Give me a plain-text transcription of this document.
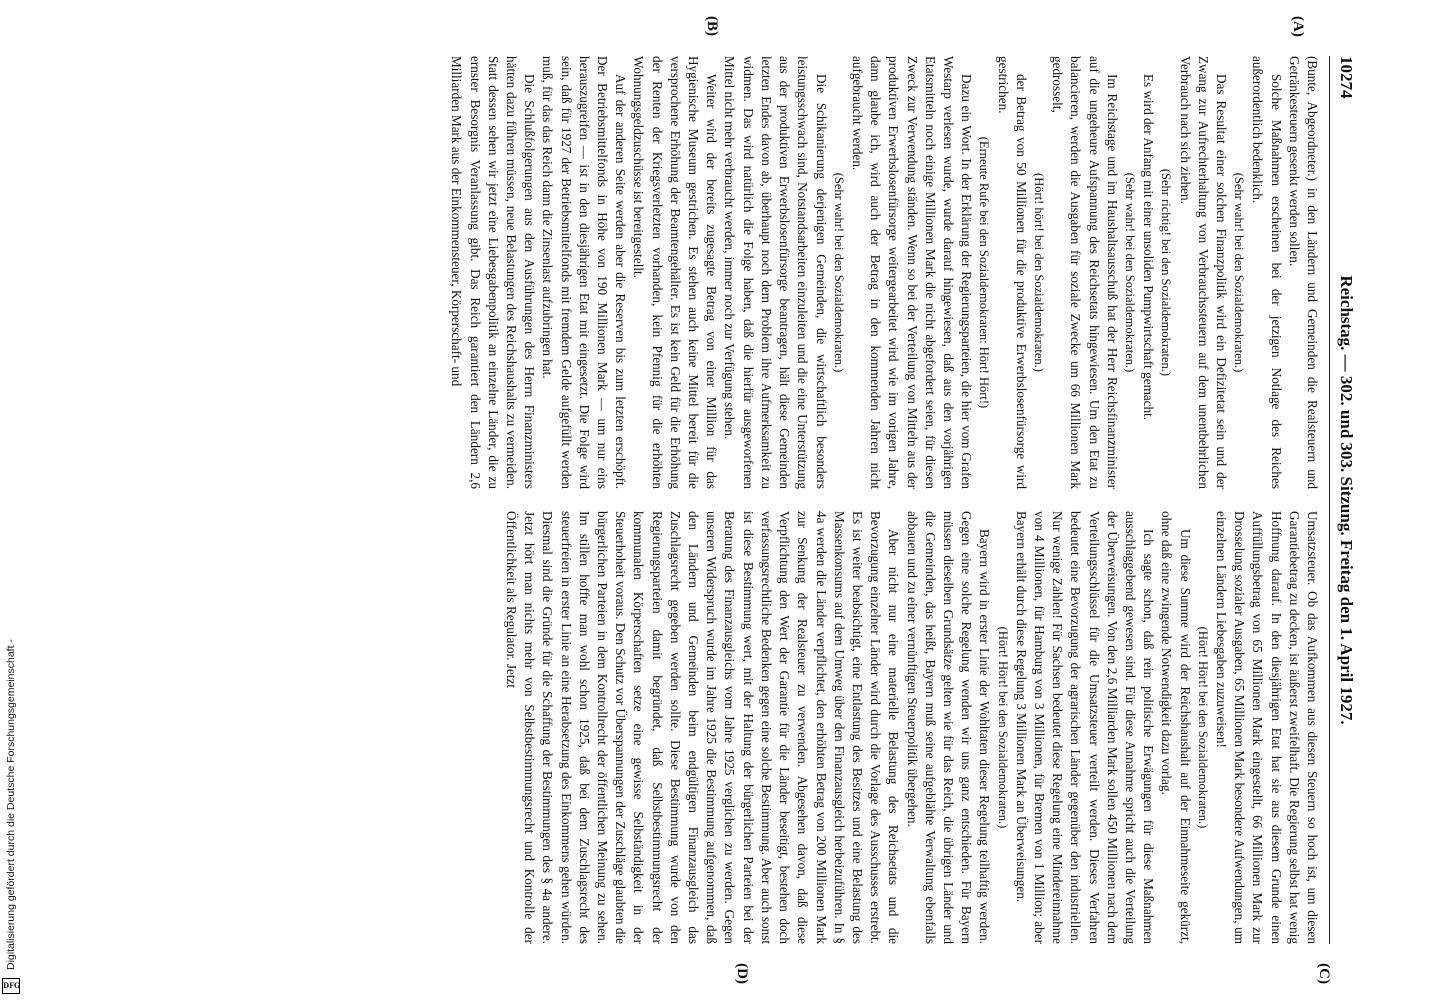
10274
Reichstag. — 302. und 303. Sitzung. Freitag den 1. April 1927.
(A)
(B)

(Bunte, Abgeordneter.) in den Ländern und Gemeinden die Realsteuern und Getränkesteuern gesenkt werden sollen.

Solche Maßnahmen erscheinen bei der jetzigen Notlage des Reiches außerordentlich bedenklich.

(Sehr wahr! bei den Sozialdemokraten.)

Das Resultat einer solchen Finanzpolitik wird ein Defizitetat sein und der Zwang zur Aufrechterhaltung von Verbrauchssteuern auf dem unentbehrlichen Verbrauch nach sich ziehen.

(Sehr richtig! bei den Sozialdemokraten.)

Es wird der Anfang mit einer unsoliden Pumpwirtschaft gemacht.

(Sehr wahr! bei den Sozialdemokraten.)

Im Reichstage und im Haushaltsausschuß hat der Herr Reichsfinanzminister auf die ungeheure Aufspannung des Reichsetats hingewiesen. Um den Etat zu balancieren, werden die Ausgaben für soziale Zwecke um 66 Millionen Mark gedrosselt,

(Hört! hört! bei den Sozialdemokraten.)

der Betrag von 50 Millionen für die produktive Erwerbslosenfürsorge wird gestrichen.

(Erneute Rufe bei den Sozialdemokraten: Hört! Hört!)

Dazu ein Wort. In der Erklärung der Regierungsparteien, die hier vom Grafen Westarp verlesen wurde, wurde darauf hingewiesen, daß aus den vorjährigen Etatsmitteln noch einige Millionen Mark die nicht abgefordert seien, für diesen Zweck zur Verwendung ständen. Wenn so bei der Verteilung von Mitteln aus der produktiven Erwerbslosenfürsorge weitergearbeitet wird wie im vorigen Jahre, dann glaube ich, wird auch der Betrag in den kommenden Jahren nicht aufgebraucht werden.

(Sehr wahr! bei den Sozialdemokraten.)

Die Schikanierung derjenigen Gemeinden, die wirtschaftlich besonders leistungsschwach sind, Notstandsarbeiten einzuleiten und die eine Unterstützung aus der produktiven Erwerbslosenfürsorge beantragen, hält diese Gemeinden letzten Endes davon ab, überhaupt noch dem Problem ihre Aufmerksamkeit zu widmen. Das wird natürlich die Folge haben, daß die hierfür ausgeworfenen Mittel nicht mehr verbraucht werden, immer noch zur Verfügung stehen.

Weiter wird der bereits zugesagte Betrag von einer Million für das Hygienische Museum gestrichen. Es stehen auch keine Mittel bereit für die versprochene Erhöhung der Beamtengehälter. Es ist kein Geld für die Erhöhung der Renten der Kriegsverletzten vorhanden, kein Pfennig für die erhöhten Wohnungsgeldzuschüsse ist bereitgestellt.

Auf der anderen Seite werden aber die Reserven bis zum letzten erschöpft. Der Betriebsmittelfonds in Höhe von 190 Millionen Mark — um nur eins herauszugreifen — ist in den diesjährigen Etat mit eingesetzt. Die Folge wird sein, daß für 1927 der Betriebsmittelfonds mit fremdem Gelde aufgefüllt werden muß, für das das Reich dann die Zinsenlast aufzubringen hat.

Die Schlußfolgerungen aus den Ausführungen des Herrn Finanzministers hätten dazu führen müssen, neue Belastungen des Reichshaushalts zu vermeiden. Statt dessen sehen wir jetzt eine Liebesgabenpolitik an einzelne Länder, die zu ernster Besorgnis Veranlassung gibt. Das Reich garantiert den Ländern 2,6 Milliarden Mark aus der Einkommensteuer, Körperschaft- und

Umsatzsteuer. Ob das Aufkommen aus diesen Steuern so hoch ist, um diesen Garantiebetrag zu decken, ist äußerst zweifelhaft. Die Regierung selbst hat wenig Hoffnung darauf. In den diesjährigen Etat hat sie aus diesem Grunde einen Auffüllungsbetrag von 65 Millionen Mark eingestellt, 66 Millionen Mark zur Drosselung sozialer Ausgaben, 65 Millionen Mark besondere Aufwendungen, um einzelnen Ländern Liebesgaben zuzuweisen!

(Hört! Hört! bei den Sozialdemokraten.)

Um diese Summe wird der Reichshaushalt auf der Einnahmeseite gekürzt, ohne daß eine zwingende Notwendigkeit dazu vorlag.

Ich sagte schon, daß rein politische Erwägungen für diese Maßnahmen ausschlaggebend gewesen sind. Für diese Annahme spricht auch die Verteilung der Überweisungen. Von den 2,6 Milliarden Mark sollen 450 Millionen nach dem Verteilungsschlüssel für die Umsatzsteuer verteilt werden. Dieses Verfahren bedeutet eine Bevorzugung der agrarischen Länder gegenüber den industriellen. Nur wenige Zahlen! Für Sachsen bedeutet diese Regelung eine Mindereinnahme von 4 Millionen, für Hamburg von 3 Millionen, für Bremen von 1 Million; aber Bayern erhält durch diese Regelung 3 Millionen Mark an Überweisungen.

(Hört! Hört! bei den Sozialdemokraten.)

Bayern wird in erster Linie der Wohltaten dieser Regelung teilhaftig werden. Gegen eine solche Regelung wenden wir uns ganz entschieden. Für Bayern müssen dieselben Grundsätze gelten wie für das Reich, die übrigen Länder und die Gemeinden, das heißt, Bayern muß seine aufgeblähte Verwaltung ebenfalls abbauen und zu einer vernünftigen Steuerpolitik übergehen.

Aber nicht nur eine materielle Belastung des Reichsetats und die Bevorzugung einzelner Länder wird durch die Vorlage des Ausschusses erstrebt. Es ist weiter beabsichtigt, eine Entlastung des Besitzes und eine Belastung des Massenkonsums auf dem Umweg über den Finanzausgleich herbeizuführen. In § 4a werden die Länder verpflichtet, den erhöhten Betrag von 200 Millionen Mark zur Senkung der Realsteuer zu verwenden. Abgesehen davon, daß diese Verpflichtung den Wert der Garantie für die Länder beseitigt, bestehen doch verfassungsrechtliche Bedenken gegen eine solche Bestimmung. Aber auch sonst ist diese Bestimmung wert, mit der Haltung der bürgerlichen Parteien bei der Beratung des Finanzausgleichs vom Jahre 1925 verglichen zu werden. Gegen unseren Widerspruch wurde im Jahre 1925 die Bestimmung aufgenommen, daß den Ländern und Gemeinden beim endgültigen Finanzausgleich das Zuschlagsrecht gegeben werden sollte. Diese Bestimmung wurde von den Regierungsparteien damit begründet, daß Selbstbestimmungsrecht der kommunalen Körperschaften setze eine gewisse Selbständigkeit in der Steuerhoheit voraus. Den Schutz vor Überspannungen der Zuschläge glaubten die bürgerlichen Parteien in dem Kontrollrecht der öffentlichen Meinung zu sehen. Im stillen hoffte man wohl schon 1925, daß bei dem Zuschlagsrecht des steuerfreien in erster Linie an eine Herabsetzung des Einkommens gehen würden. Diesmal sind die Gründe für die Schaffung der Bestimmungen des § 4a andere. Jetzt hört man nichts mehr von Selbstbestimmungsrecht und Kontrolle der Öffentlichkeit als Regulator. Jetzt

(C)
(D)
Digitalisierung gefördert durch die Deutsche Forschungsgemeinschaft -
DFG
